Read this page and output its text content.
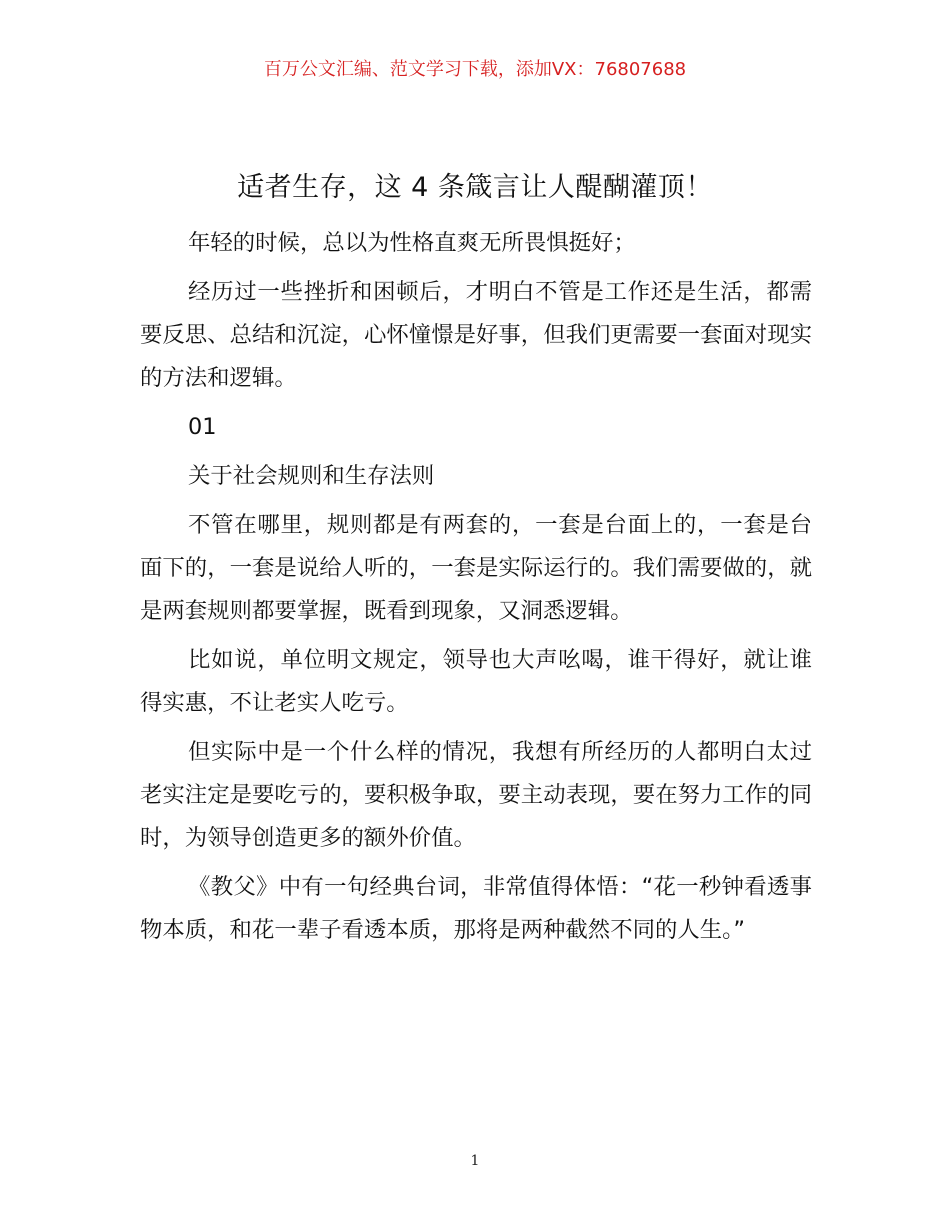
百万公文汇编、范文学习下载，添加VX：76807688
适者生存，这 4 条箴言让人醍醐灌顶！

年轻的时候，总以为性格直爽无所畏惧挺好；

经历过一些挫折和困顿后，才明白不管是工作还是生活，都需要反思、总结和沉淀，心怀憧憬是好事，但我们更需要一套面对现实的方法和逻辑。

01

关于社会规则和生存法则

不管在哪里，规则都是有两套的，一套是台面上的，一套是台面下的，一套是说给人听的，一套是实际运行的。我们需要做的，就是两套规则都要掌握，既看到现象，又洞悉逻辑。

比如说，单位明文规定，领导也大声吆喝，谁干得好，就让谁得实惠，不让老实人吃亏。

但实际中是一个什么样的情况，我想有所经历的人都明白太过老实注定是要吃亏的，要积极争取，要主动表现，要在努力工作的同时，为领导创造更多的额外价值。

《教父》中有一句经典台词，非常值得体悟：“花一秒钟看透事物本质，和花一辈子看透本质，那将是两种截然不同的人生。”

1
